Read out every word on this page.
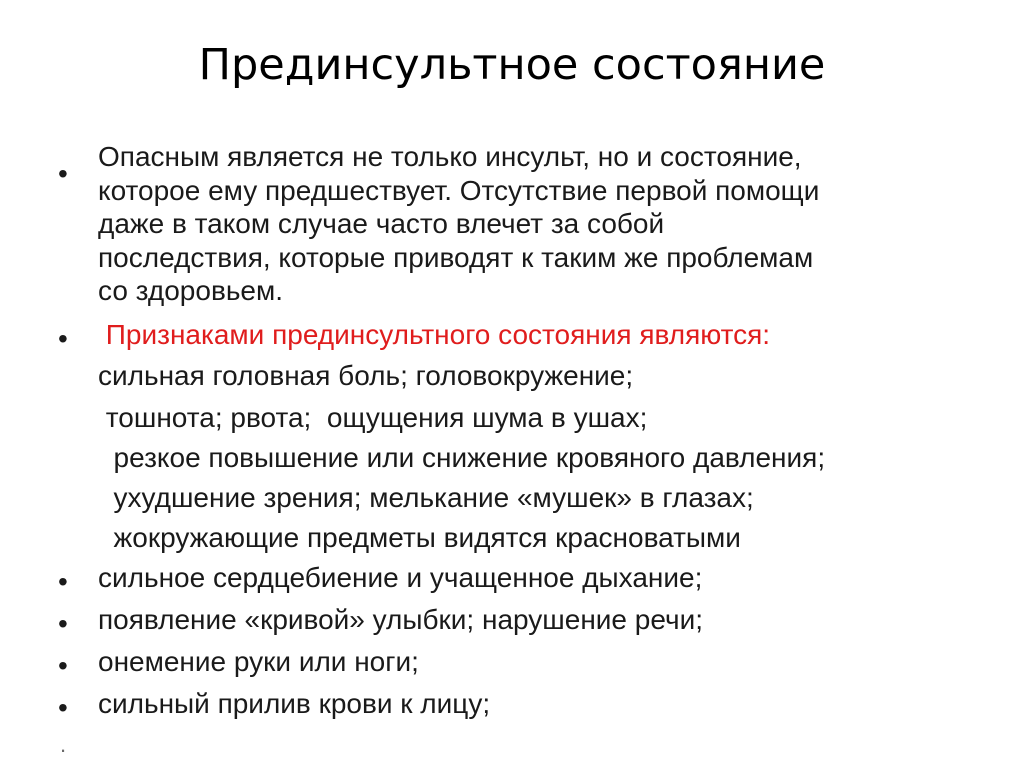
Прединсультное состояние
•
Опасным является не только инсульт, но и состояние,
которое ему предшествует. Отсутствие первой помощи
даже в таком случае часто влечет за собой
последствия, которые приводят к таким же проблемам
со здоровьем.
• Признаками прединсультного состояния являются:
сильная головная боль; головокружение;
тошнота; рвота;  ощущения шума в ушах;
резкое повышение или снижение кровяного давления;
ухудшение зрения; мелькание «мушек» в глазах;
жокружающие предметы видятся красноватыми
• сильное сердцебиение и учащенное дыхание;
• появление «кривой» улыбки; нарушение речи;
• онемение руки или ноги;
• сильный прилив крови к лицу;
.
